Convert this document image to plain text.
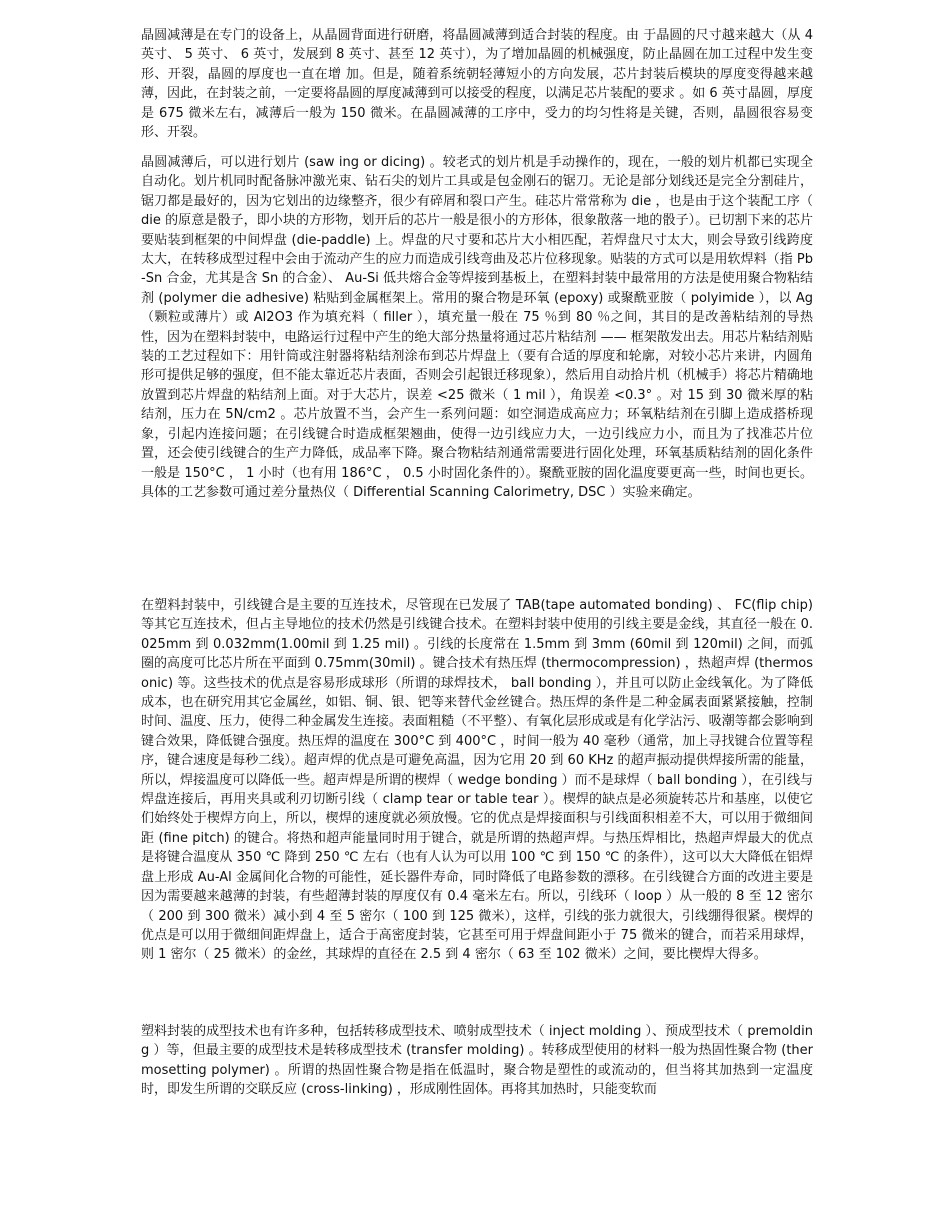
晶圆减薄是在专门的设备上，从晶圆背面进行研磨，将晶圆减薄到适合封装的程度。由 于晶圆的尺寸越来越大（从 4 英寸、 5 英寸、 6 英寸，发展到 8 英寸、甚至 12 英寸），为了增加晶圆的机械强度，防止晶圆在加工过程中发生变形、开裂，晶圆的厚度也一直在增 加。但是，随着系统朝轻薄短小的方向发展，芯片封装后模块的厚度变得越来越薄，因此，在封装之前，一定要将晶圆的厚度减薄到可以接受的程度，以满足芯片装配的要求 。如 6 英寸晶圆，厚度是 675 微米左右，减薄后一般为 150 微米。在晶圆减薄的工序中，受力的均匀性将是关键，否则，晶圆很容易变形、开裂。

晶圆减薄后，可以进行划片 (saw ing or dicing) 。较老式的划片机是手动操作的，现在，一般的划片机都已实现全自动化。划片机同时配备脉冲激光束、钻石尖的划片工具或是包金刚石的锯刀。无论是部分划线还是完全分割硅片，锯刀都是最好的，因为它划出的边缘整齐，很少有碎屑和裂口产生。硅芯片常常称为 die ，也是由于这个装配工序（ die 的原意是骰子，即小块的方形物，划开后的芯片一般是很小的方形体，很象散落一地的骰子）。已切割下来的芯片要贴装到框架的中间焊盘 (die-paddle) 上。焊盘的尺寸要和芯片大小相匹配，若焊盘尺寸太大，则会导致引线跨度太大，在转移成型过程中会由于流动产生的应力而造成引线弯曲及芯片位移现象。贴装的方式可以是用软焊料（指 Pb-Sn 合金，尤其是含 Sn 的合金）、 Au-Si 低共熔合金等焊接到基板上，在塑料封装中最常用的方法是使用聚合物粘结剂 (polymer die adhesive) 粘贴到金属框架上。常用的聚合物是环氧 (epoxy) 或聚酰亚胺（ polyimide ），以 Ag （颗粒或薄片）或 Al2O3 作为填充料（ filler ），填充量一般在 75 ％到 80 ％之间，其目的是改善粘结剂的导热性，因为在塑料封装中，电路运行过程中产生的绝大部分热量将通过芯片粘结剂 —— 框架散发出去。用芯片粘结剂贴装的工艺过程如下：用针筒或注射器将粘结剂涂布到芯片焊盘上（要有合适的厚度和轮廓，对较小芯片来讲，内圆角形可提供足够的强度，但不能太靠近芯片表面，否则会引起银迁移现象），然后用自动拾片机（机械手）将芯片精确地放置到芯片焊盘的粘结剂上面。对于大芯片，误差 <25 微米（ 1 mil ），角误差 <0.3° 。对 15 到 30 微米厚的粘结剂，压力在 5N/cm2 。芯片放置不当，会产生一系列问题：如空洞造成高应力；环氧粘结剂在引脚上造成搭桥现象，引起内连接问题；在引线键合时造成框架翘曲，使得一边引线应力大，一边引线应力小，而且为了找准芯片位置，还会使引线键合的生产力降低，成品率下降。聚合物粘结剂通常需要进行固化处理，环氧基质粘结剂的固化条件一般是 150°C ， 1 小时（也有用 186°C ， 0.5 小时固化条件的）。聚酰亚胺的固化温度要更高一些，时间也更长。具体的工艺参数可通过差分量热仪（ Differential Scanning Calorimetry, DSC ）实验来确定。

在塑料封装中，引线键合是主要的互连技术，尽管现在已发展了 TAB(tape automated bonding) 、 FC(flip chip) 等其它互连技术，但占主导地位的技术仍然是引线键合技术。在塑料封装中使用的引线主要是金线，其直径一般在 0.025mm 到 0.032mm(1.00mil 到 1.25 mil) 。引线的长度常在 1.5mm 到 3mm (60mil 到 120mil) 之间，而弧圈的高度可比芯片所在平面到 0.75mm(30mil) 。键合技术有热压焊 (thermocompression) ，热超声焊 (thermosonic) 等。这些技术的优点是容易形成球形（所谓的球焊技术， ball bonding ），并且可以防止金线氧化。为了降低成本，也在研究用其它金属丝，如铝、铜、银、钯等来替代金丝键合。热压焊的条件是二种金属表面紧紧接触，控制时间、温度、压力，使得二种金属发生连接。表面粗糙（不平整）、有氧化层形成或是有化学沾污、吸潮等都会影响到键合效果，降低键合强度。热压焊的温度在 300°C 到 400°C ，时间一般为 40 毫秒（通常，加上寻找键合位置等程序，键合速度是每秒二线）。超声焊的优点是可避免高温，因为它用 20 到 60 KHz 的超声振动提供焊接所需的能量，所以，焊接温度可以降低一些。超声焊是所谓的楔焊（ wedge bonding ）而不是球焊（ ball bonding ），在引线与焊盘连接后，再用夹具或利刃切断引线（ clamp tear or table tear ）。楔焊的缺点是必须旋转芯片和基座，以使它们始终处于楔焊方向上，所以，楔焊的速度就必须放慢。它的优点是焊接面积与引线面积相差不大，可以用于微细间距 (fine pitch) 的键合。将热和超声能量同时用于键合，就是所谓的热超声焊。与热压焊相比，热超声焊最大的优点是将键合温度从 350 ℃ 降到 250 ℃ 左右（也有人认为可以用 100 ℃ 到 150 ℃ 的条件），这可以大大降低在铝焊盘上形成 Au-Al 金属间化合物的可能性，延长器件寿命，同时降低了电路参数的漂移。在引线键合方面的改进主要是因为需要越来越薄的封装，有些超薄封装的厚度仅有 0.4 毫米左右。所以，引线环（ loop ）从一般的 8 至 12 密尔（ 200 到 300 微米）减小到 4 至 5 密尔（ 100 到 125 微米），这样，引线的张力就很大，引线绷得很紧。楔焊的优点是可以用于微细间距焊盘上，适合于高密度封装，它甚至可用于焊盘间距小于 75 微米的键合，而若采用球焊，则 1 密尔（ 25 微米）的金丝，其球焊的直径在 2.5 到 4 密尔（ 63 至 102 微米）之间，要比楔焊大得多。

塑料封装的成型技术也有许多种，包括转移成型技术、喷射成型技术（ inject molding ）、预成型技术（ premolding ）等，但最主要的成型技术是转移成型技术 (transfer molding) 。转移成型使用的材料一般为热固性聚合物 (thermosetting polymer) 。所谓的热固性聚合物是指在低温时，聚合物是塑性的或流动的，但当将其加热到一定温度时，即发生所谓的交联反应 (cross-linking) ，形成刚性固体。再将其加热时，只能变软而
